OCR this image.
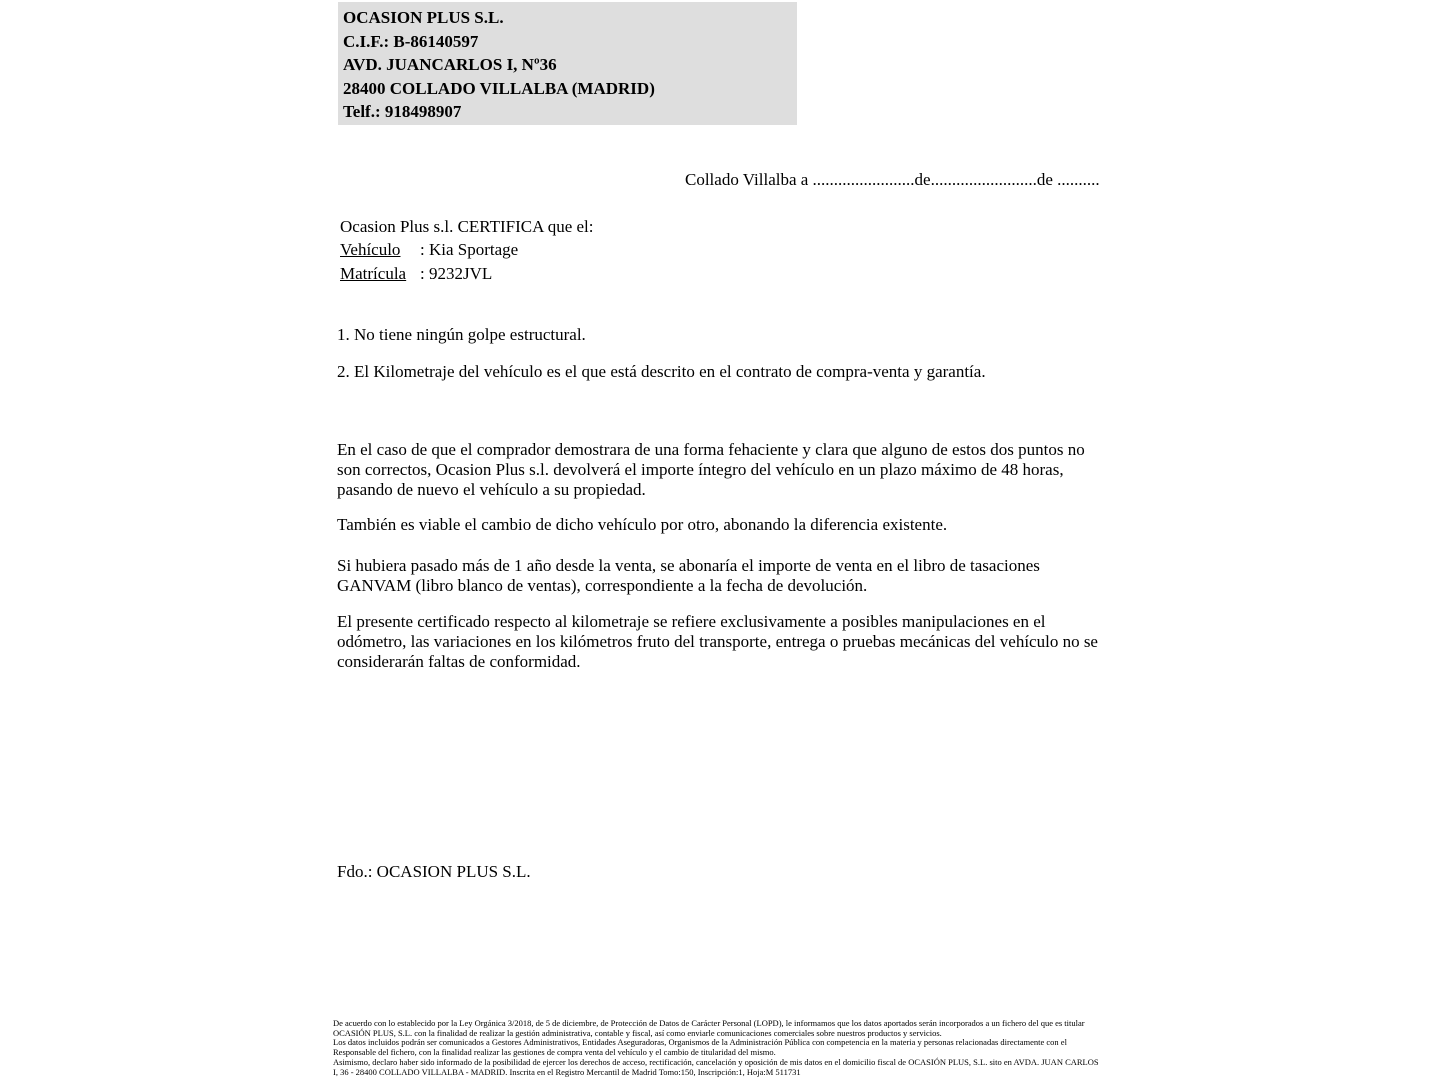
OCASION PLUS S.L.
C.I.F.: B-86140597
AVD. JUANCARLOS I, Nº36
28400 COLLADO VILLALBA (MADRID)
Telf.: 918498907
Collado Villalba a ........................de.........................de ..........
Ocasion Plus s.l. CERTIFICA que el:
Vehículo : Kia Sportage
Matrícula : 9232JVL
1. No tiene ningún golpe estructural.
2. El Kilometraje del vehículo es el que está descrito en el contrato de compra-venta y garantía.
En el caso de que el comprador demostrara de una forma fehaciente y clara que alguno de estos dos puntos no son correctos, Ocasion Plus s.l. devolverá el importe íntegro del vehículo en un plazo máximo de 48 horas, pasando de nuevo el vehículo a su propiedad.
También es viable el cambio de dicho vehículo por otro, abonando la diferencia existente.
Si hubiera pasado más de 1 año desde la venta, se abonaría el importe de venta en el libro de tasaciones GANVAM (libro blanco de ventas), correspondiente a la fecha de devolución.
El presente certificado respecto al kilometraje se refiere exclusivamente a posibles manipulaciones en el odómetro, las variaciones en los kilómetros fruto del transporte, entrega o pruebas mecánicas del vehículo no se considerarán faltas de conformidad.
Fdo.: OCASION PLUS S.L.
De acuerdo con lo establecido por la Ley Orgánica 3/2018, de 5 de diciembre, de Protección de Datos de Carácter Personal (LOPD), le informamos que los datos aportados serán incorporados a un fichero del que es titular OCASIÓN PLUS, S.L. con la finalidad de realizar la gestión administrativa, contable y fiscal, así como enviarle comunicaciones comerciales sobre nuestros productos y servicios.
Los datos incluidos podrán ser comunicados a Gestores Administrativos, Entidades Aseguradoras, Organismos de la Administración Pública con competencia en la materia y personas relacionadas directamente con el Responsable del fichero, con la finalidad realizar las gestiones de compra venta del vehículo y el cambio de titularidad del mismo.
Asimismo, declaro haber sido informado de la posibilidad de ejercer los derechos de acceso, rectificación, cancelación y oposición de mis datos en el domicilio fiscal de OCASIÓN PLUS, S.L. sito en AVDA. JUAN CARLOS I, 36 - 28400 COLLADO VILLALBA - MADRID. Inscrita en el Registro Mercantil de Madrid Tomo:150, Inscripción:1, Hoja:M 511731
